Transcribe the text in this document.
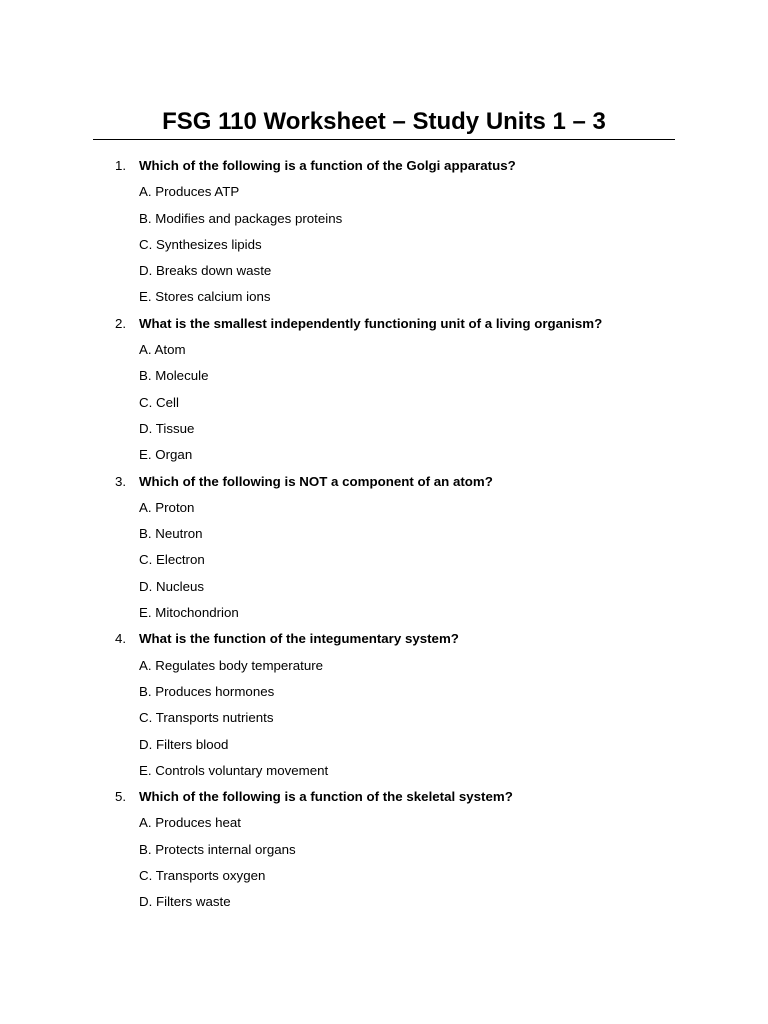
FSG 110 Worksheet – Study Units 1 – 3
1. Which of the following is a function of the Golgi apparatus?
A. Produces ATP
B. Modifies and packages proteins
C. Synthesizes lipids
D. Breaks down waste
E. Stores calcium ions
2. What is the smallest independently functioning unit of a living organism?
A. Atom
B. Molecule
C. Cell
D. Tissue
E. Organ
3. Which of the following is NOT a component of an atom?
A. Proton
B. Neutron
C. Electron
D. Nucleus
E. Mitochondrion
4. What is the function of the integumentary system?
A. Regulates body temperature
B. Produces hormones
C. Transports nutrients
D. Filters blood
E. Controls voluntary movement
5. Which of the following is a function of the skeletal system?
A. Produces heat
B. Protects internal organs
C. Transports oxygen
D. Filters waste
